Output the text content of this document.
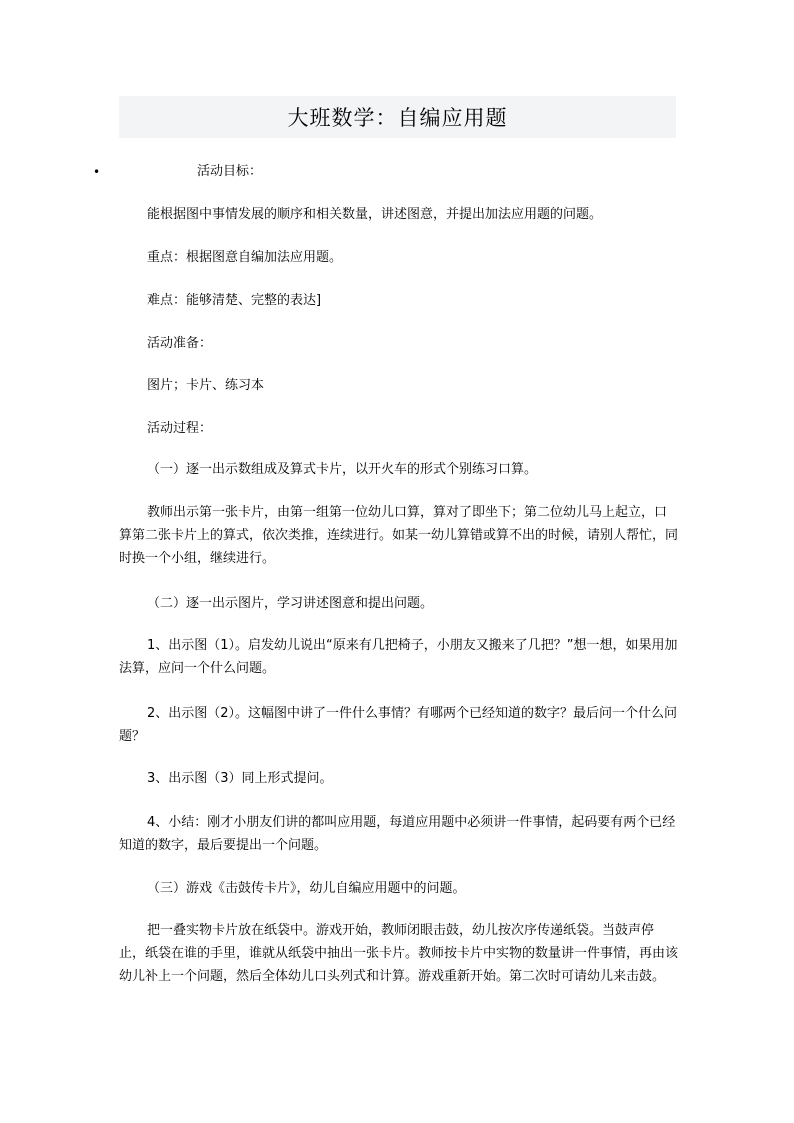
大班数学：自编应用题
•	活动目标：

能根据图中事情发展的顺序和相关数量，讲述图意，并提出加法应用题的问题。

重点：根据图意自编加法应用题。

难点：能够清楚、完整的表达]

活动准备：

图片；卡片、练习本

活动过程：

（一）逐一出示数组成及算式卡片，以开火车的形式个别练习口算。

教师出示第一张卡片，由第一组第一位幼儿口算，算对了即坐下；第二位幼儿马上起立，口算第二张卡片上的算式，依次类推，连续进行。如某一幼儿算错或算不出的时候，请别人帮忙，同时换一个小组，继续进行。

（二）逐一出示图片，学习讲述图意和提出问题。

1、出示图（1）。启发幼儿说出“原来有几把椅子，小朋友又搬来了几把？”想一想，如果用加法算，应问一个什么问题。

2、出示图（2）。这幅图中讲了一件什么事情？有哪两个已经知道的数字？最后问一个什么问题？

3、出示图（3）同上形式提问。

4、小结：刚才小朋友们讲的都叫应用题，每道应用题中必须讲一件事情，起码要有两个已经知道的数字，最后要提出一个问题。

（三）游戏《击鼓传卡片》，幼儿自编应用题中的问题。

把一叠实物卡片放在纸袋中。游戏开始，教师闭眼击鼓，幼儿按次序传递纸袋。当鼓声停止，纸袋在谁的手里，谁就从纸袋中抽出一张卡片。教师按卡片中实物的数量讲一件事情，再由该幼儿补上一个问题，然后全体幼儿口头列式和计算。游戏重新开始。第二次时可请幼儿来击鼓。
